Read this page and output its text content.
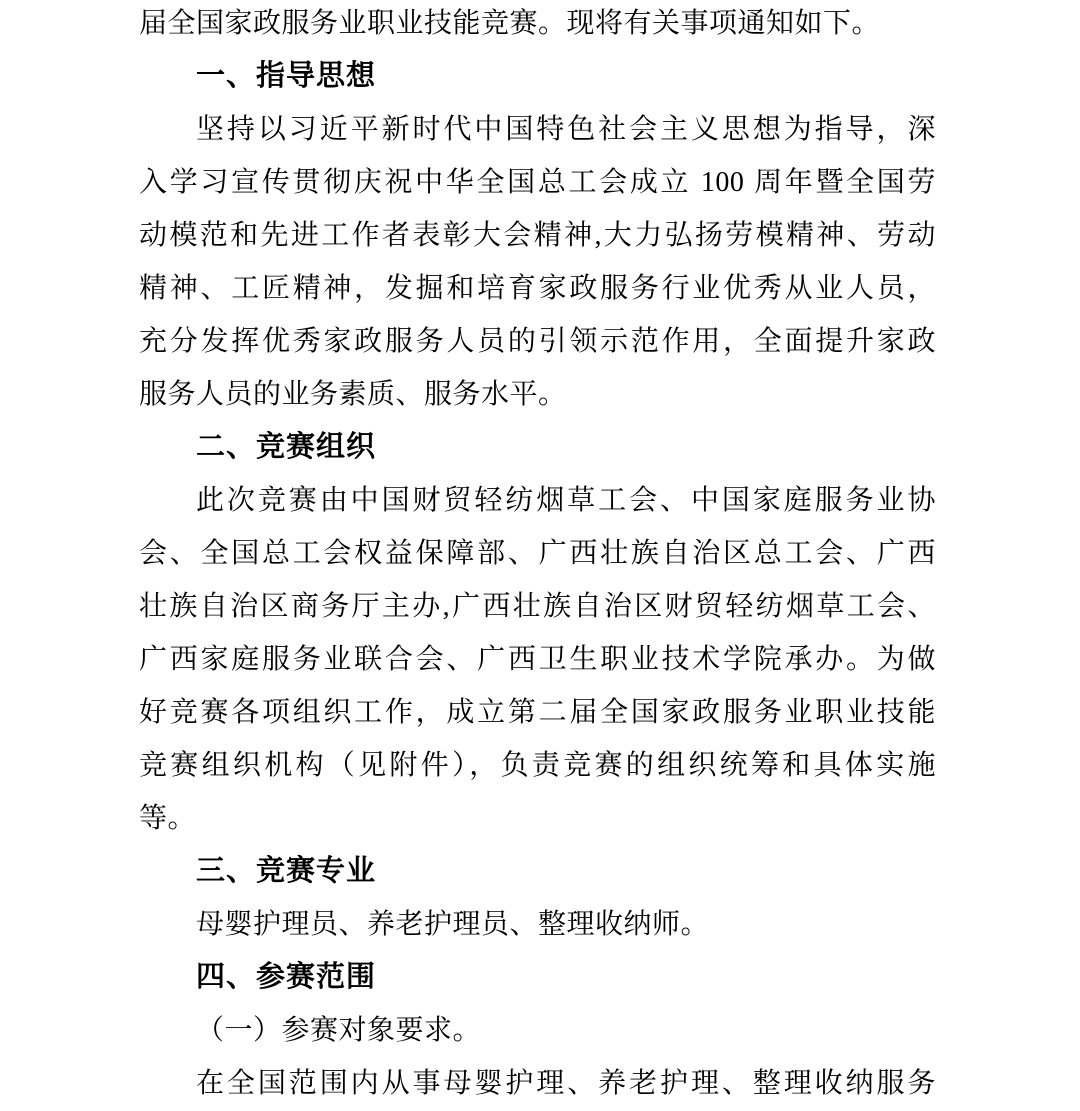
届全国家政服务业职业技能竞赛。现将有关事项通知如下。
一、指导思想
坚持以习近平新时代中国特色社会主义思想为指导，深
入学习宣传贯彻庆祝中华全国总工会成立 100 周年暨全国劳
动模范和先进工作者表彰大会精神,大力弘扬劳模精神、劳动
精神、工匠精神，发掘和培育家政服务行业优秀从业人员，
充分发挥优秀家政服务人员的引领示范作用，全面提升家政
服务人员的业务素质、服务水平。
二、竞赛组织
此次竞赛由中国财贸轻纺烟草工会、中国家庭服务业协
会、全国总工会权益保障部、广西壮族自治区总工会、广西
壮族自治区商务厅主办,广西壮族自治区财贸轻纺烟草工会、
广西家庭服务业联合会、广西卫生职业技术学院承办。为做
好竞赛各项组织工作，成立第二届全国家政服务业职业技能
竞赛组织机构（见附件），负责竞赛的组织统筹和具体实施
等。
三、竞赛专业
母婴护理员、养老护理员、整理收纳师。
四、参赛范围
（一）参赛对象要求。
在全国范围内从事母婴护理、养老护理、整理收纳服务
